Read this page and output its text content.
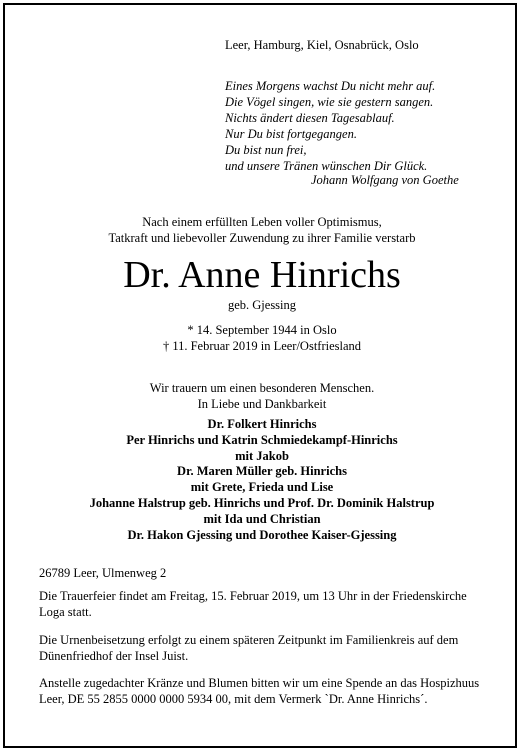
Leer, Hamburg, Kiel, Osnabrück, Oslo
Eines Morgens wachst Du nicht mehr auf.
Die Vögel singen, wie sie gestern sangen.
Nichts ändert diesen Tagesablauf.
Nur Du bist fortgegangen.
Du bist nun frei,
und unsere Tränen wünschen Dir Glück.
Johann Wolfgang von Goethe
Nach einem erfüllten Leben voller Optimismus,
Tatkraft und liebevoller Zuwendung zu ihrer Familie verstarb
Dr. Anne Hinrichs
geb. Gjessing
* 14. September 1944 in Oslo
† 11. Februar 2019 in Leer/Ostfriesland
Wir trauern um einen besonderen Menschen.
In Liebe und Dankbarkeit
Dr. Folkert Hinrichs
Per Hinrichs und Katrin Schmiedekampf-Hinrichs
mit Jakob
Dr. Maren Müller geb. Hinrichs
mit Grete, Frieda und Lise
Johanne Halstrup geb. Hinrichs und Prof. Dr. Dominik Halstrup
mit Ida und Christian
Dr. Hakon Gjessing und Dorothee Kaiser-Gjessing
26789 Leer, Ulmenweg 2
Die Trauerfeier findet am Freitag, 15. Februar 2019, um 13 Uhr in der Friedenskirche Loga statt.
Die Urnenbeisetzung erfolgt zu einem späteren Zeitpunkt im Familienkreis auf dem Dünenfriedhof der Insel Juist.
Anstelle zugedachter Kränze und Blumen bitten wir um eine Spende an das Hospizhuus Leer, DE 55 2855 0000 0000 5934 00, mit dem Vermerk `Dr. Anne Hinrichs´.
